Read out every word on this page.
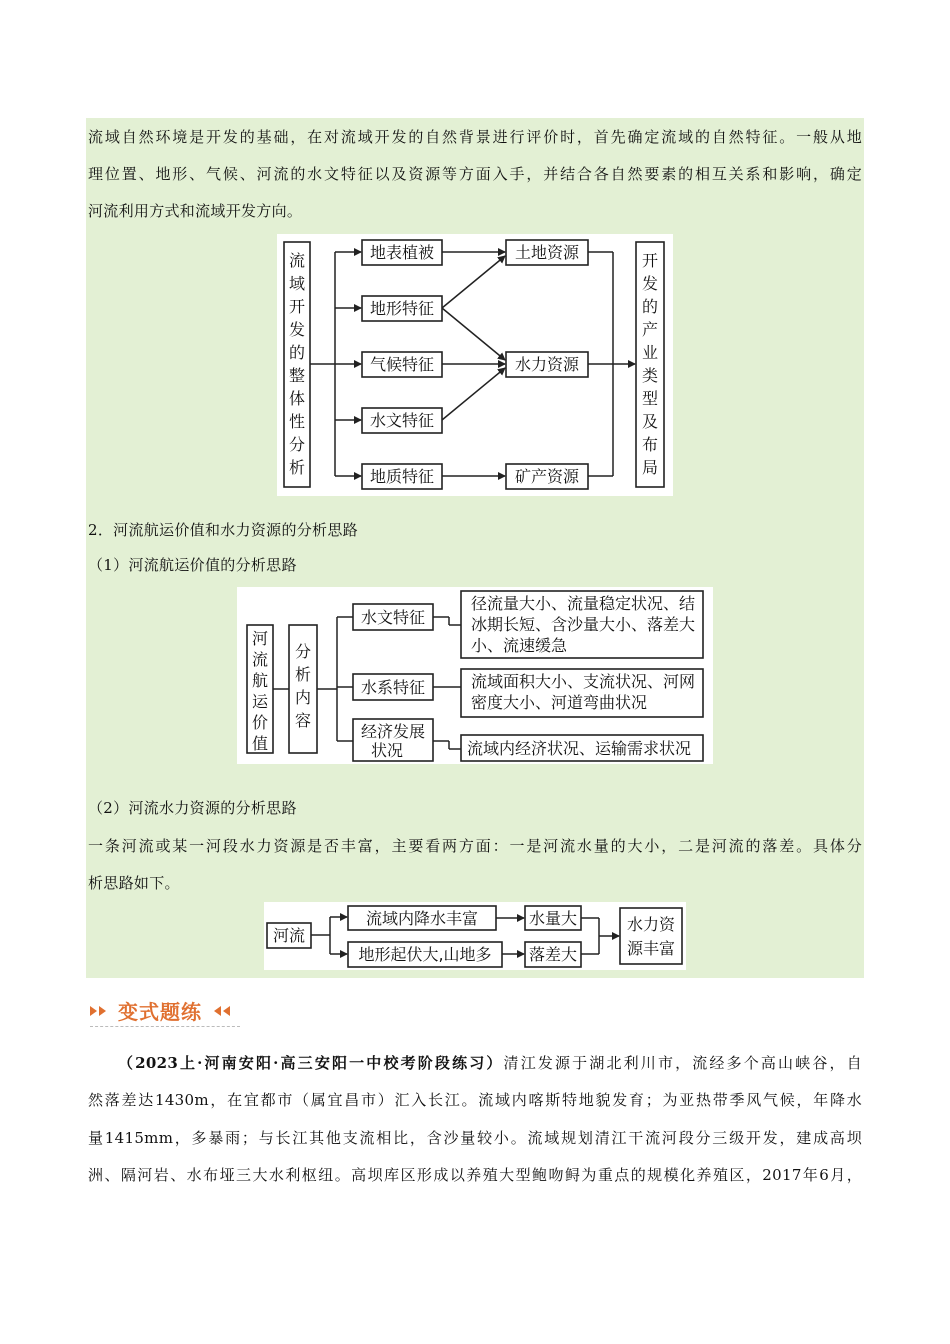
流域自然环境是开发的基础，在对流域开发的自然背景进行评价时，首先确定流域的自然特征。一般从地
理位置、地形、气候、河流的水文特征以及资源等方面入手，并结合各自然要素的相互关系和影响，确定
河流利用方式和流域开发方向。
流
域
开
发
的
整
体
性
分
析
地表植被
地形特征
气候特征
水文特征
地质特征
土地资源
水力资源
矿产资源
开
发
的
产
业
类
型
及
布
局
2．河流航运价值和水力资源的分析思路
（1）河流航运价值的分析思路
河
流
航
运
价
值
分
析
内
容
水文特征
水系特征
经济发展
状况
径流量大小、流量稳定状况、结
冰期长短、含沙量大小、落差大
小、流速缓急
流域面积大小、支流状况、河网
密度大小、河道弯曲状况
流域内经济状况、运输需求状况
（2）河流水力资源的分析思路
一条河流或某一河段水力资源是否丰富，主要看两方面：一是河流水量的大小，二是河流的落差。具体分
析思路如下。
河流
流域内降水丰富
地形起伏大,山地多
水量大
落差大
水力资
源丰富
变式题练
（2023上·河南安阳·高三安阳一中校考阶段练习）清江发源于湖北利川市，流经多个高山峡谷，自
然落差达1430m，在宜都市（属宜昌市）汇入长江。流域内喀斯特地貌发育；为亚热带季风气候，年降水
量1415mm，多暴雨；与长江其他支流相比，含沙量较小。流域规划清江干流河段分三级开发，建成高坝
洲、隔河岩、水布垭三大水利枢纽。高坝库区形成以养殖大型鲍吻鲟为重点的规模化养殖区，2017年6月，
